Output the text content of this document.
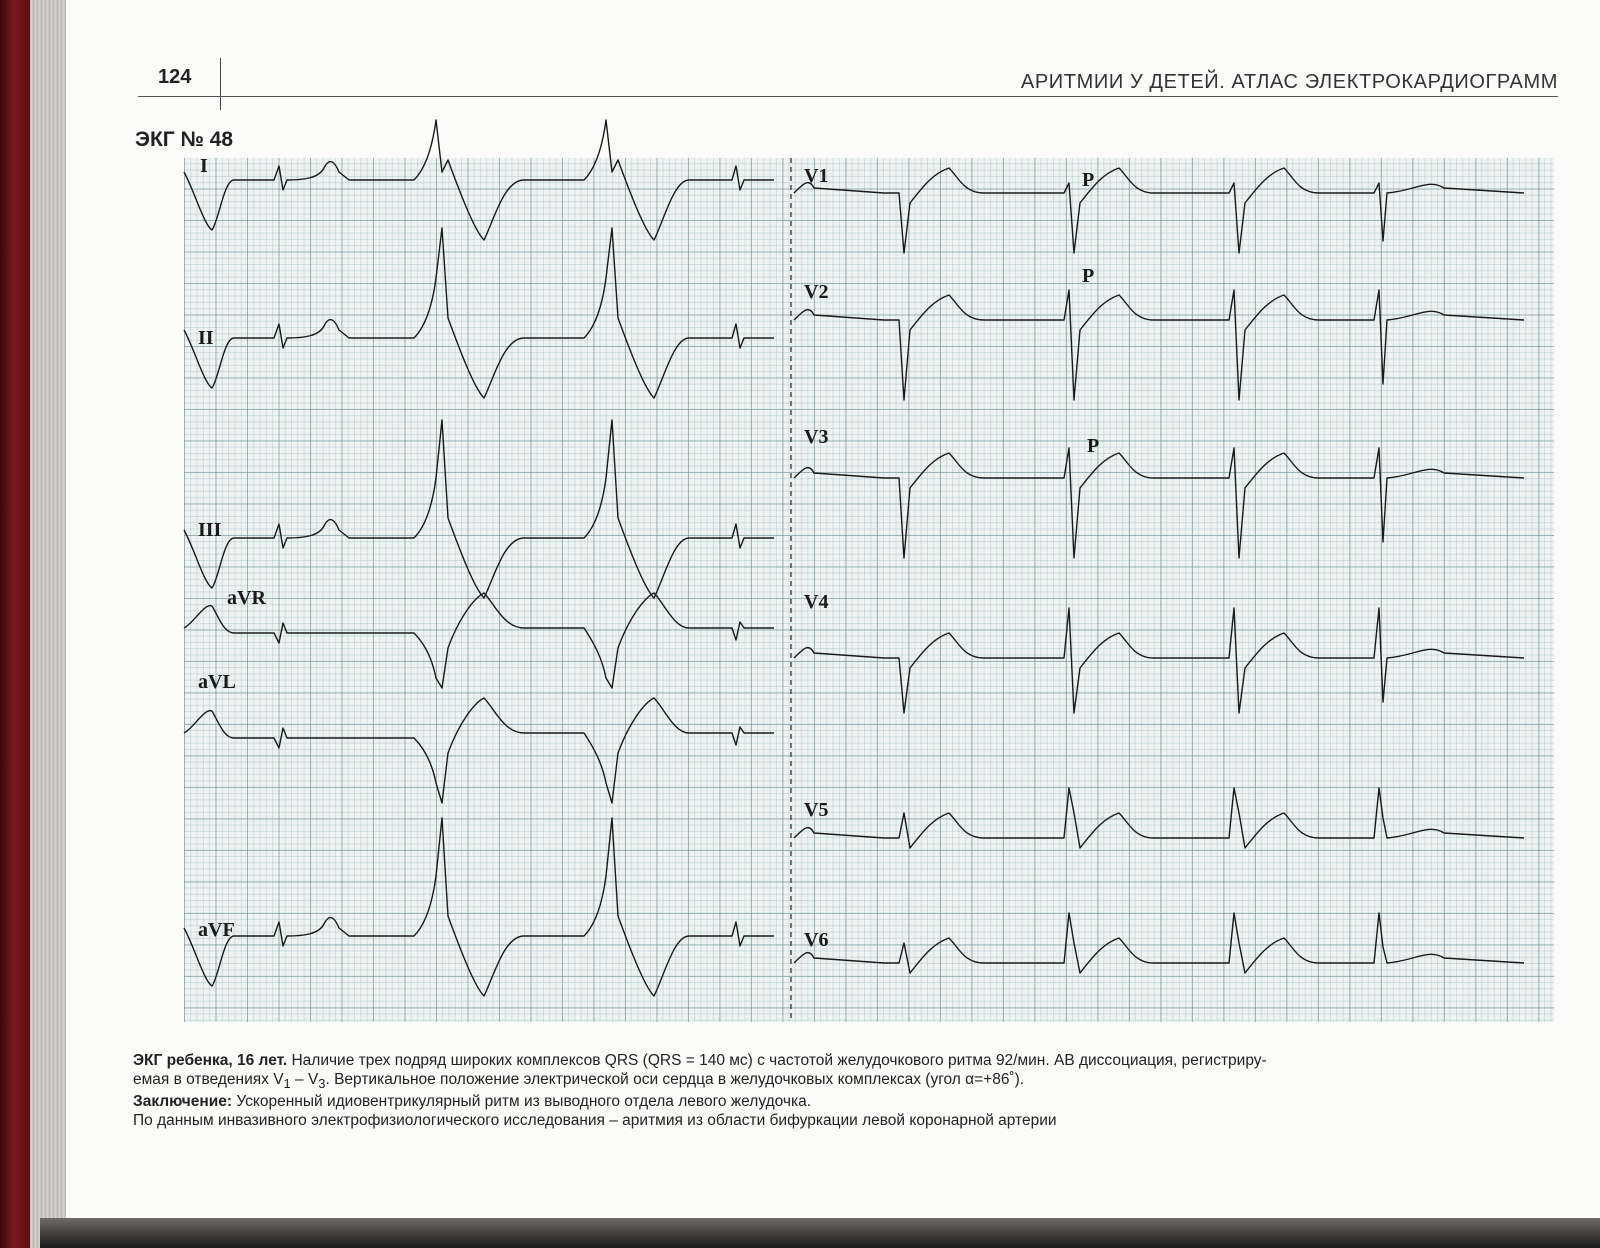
124	АРИТМИИ У ДЕТЕЙ. АТЛАС ЭЛЕКТРОКАРДИОГРАММ
ЭКГ № 48
I
II
III
aVR
aVL
aVF
V1
V2
V3
V4
V5
V6
P
P
P

ЭКГ ребенка, 16 лет. Наличие трех подряд широких комплексов QRS (QRS = 140 мс) с частотой желудочкового ритма 92/мин. АВ диссоциация, регистриру-

емая в отведениях $V_1 - V_3$. Вертикальное положение электрической оси сердца в желудочковых комплексах (угол α=+86˚).

Заключение: Ускоренный идиовентрикулярный ритм из выводного отдела левого желудочка.

По данным инвазивного электрофизиологического исследования – аритмия из области бифуркации левой коронарной артерии
